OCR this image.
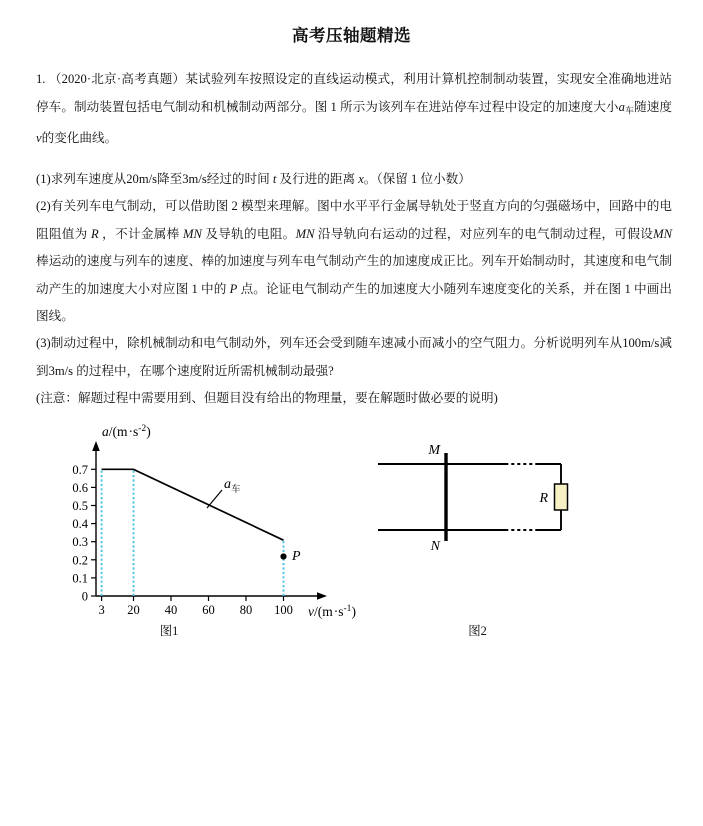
高考压轴题精选
1. （2020·北京·高考真题）某试验列车按照设定的直线运动模式，利用计算机控制制动装置，实现安全准确地进站停车。制动装置包括电气制动和机械制动两部分。图 1 所示为该列车在进站停车过程中设定的加速度大小$a_车$随速度v的变化曲线。
(1)求列车速度从20m/s降至3m/s经过的时间 t 及行进的距离 x。（保留 1 位小数）
(2)有关列车电气制动，可以借助图 2 模型来理解。图中水平平行金属导轨处于竖直方向的匀强磁场中，回路中的电阻阻值为 R ，不计金属棒 MN 及导轨的电阻。MN 沿导轨向右运动的过程，对应列车的电气制动过程，可假设MN 棒运动的速度与列车的速度、棒的加速度与列车电气制动产生的加速度成正比。列车开始制动时，其速度和电气制动产生的加速度大小对应图 1 中的 P 点。论证电气制动产生的加速度大小随列车速度变化的关系，并在图 1 中画出图线。
(3)制动过程中，除机械制动和电气制动外，列车还会受到随车速减小而减小的空气阻力。分析说明列车从100m/s减到3m/s 的过程中，在哪个速度附近所需机械制动最强?
(注意：解题过程中需要用到、但题目没有给出的物理量，要在解题时做必要的说明)
$a/(m\cdot s^{-2})$
0
0.1
0.2
0.3
0.4
0.5
0.6
0.7
3 20 40 60 80 100 $v/(m\cdot s^{-1})$
$a_车$
P
图1
R
M
N
图2
